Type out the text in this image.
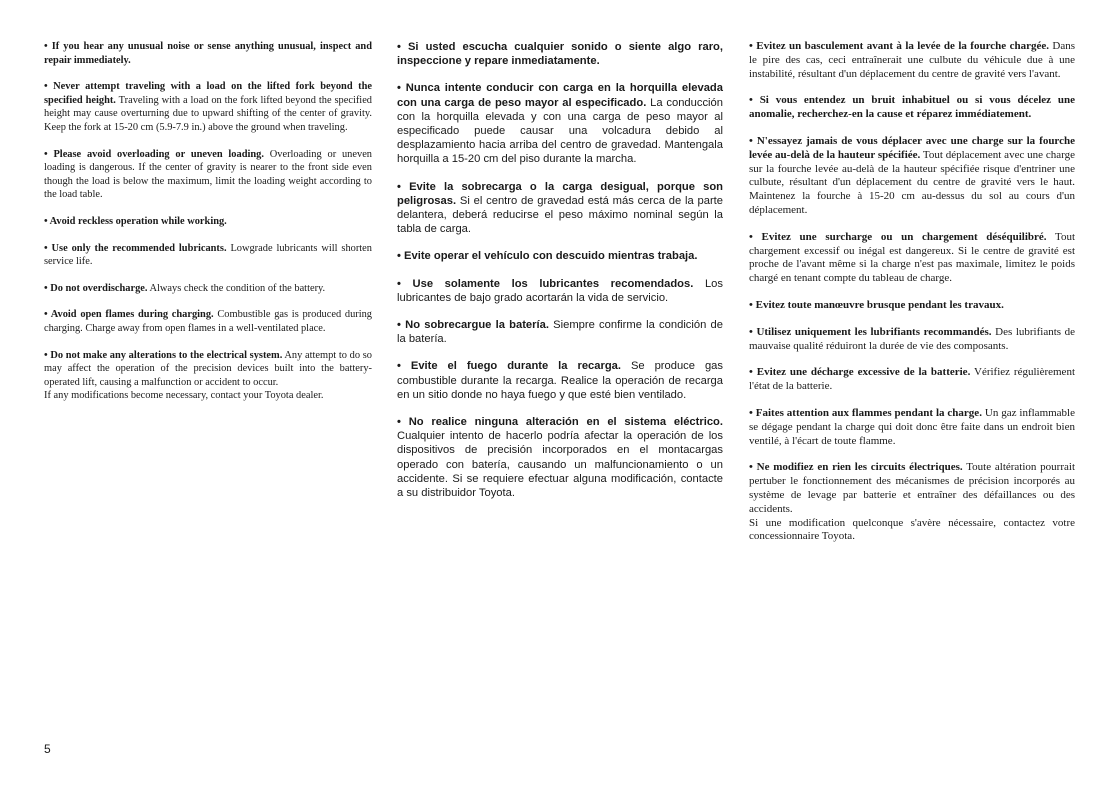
• If you hear any unusual noise or sense anything unusual, inspect and repair immediately.

• Never attempt traveling with a load on the lifted fork beyond the specified height. Traveling with a load on the fork lifted beyond the specified height may cause overturning due to upward shifting of the center of gravity. Keep the fork at 15-20 cm (5.9-7.9 in.) above the ground when traveling.

• Please avoid overloading or uneven loading. Overloading or uneven loading is dangerous. If the center of gravity is nearer to the front side even though the load is below the maximum, limit the loading weight according to the load table.

• Avoid reckless operation while working.

• Use only the recommended lubricants. Lowgrade lubricants will shorten service life.

• Do not overdischarge. Always check the condition of the battery.

• Avoid open flames during charging. Combustible gas is produced during charging. Charge away from open flames in a well-ventilated place.

• Do not make any alterations to the electrical system. Any attempt to do so may affect the operation of the precision devices built into the battery-operated lift, causing a malfunction or accident to occur.
If any modifications become necessary, contact your Toyota dealer.

• Si usted escucha cualquier sonido o siente algo raro, inspeccione y repare inmediatamente.

• Nunca intente conducir con carga en la horquilla elevada con una carga de peso mayor al especificado. La conducción con la horquilla elevada y con una carga de peso mayor al especificado puede causar una volcadura debido al desplazamiento hacia arriba del centro de gravedad. Mantengala horquilla a 15-20 cm del piso durante la marcha.

• Evite la sobrecarga o la carga desigual, porque son peligrosas. Si el centro de gravedad está más cerca de la parte delantera, deberá reducirse el peso máximo nominal según la tabla de carga.

• Evite operar el vehículo con descuido mientras trabaja.

• Use solamente los lubricantes recomendados. Los lubricantes de bajo grado acortarán la vida de servicio.

• No sobrecargue la batería. Siempre confirme la condición de la batería.

• Evite el fuego durante la recarga. Se produce gas combustible durante la recarga. Realice la operación de recarga en un sitio donde no haya fuego y que esté bien ventilado.

• No realice ninguna alteración en el sistema eléctrico. Cualquier intento de hacerlo podría afectar la operación de los dispositivos de precisión incorporados en el montacargas operado con batería, causando un malfuncionamiento o un accidente. Si se requiere efectuar alguna modificación, contacte a su distribuidor Toyota.

• Evitez un basculement avant à la levée de la fourche chargée. Dans le pire des cas, ceci entraînerait une culbute du véhicule due à une instabilité, résultant d'un déplacement du centre de gravité vers l'avant.

• Si vous entendez un bruit inhabituel ou si vous décelez une anomalie, recherchez-en la cause et réparez immédiatement.

• N'essayez jamais de vous déplacer avec une charge sur la fourche levée au-delà de la hauteur spécifiée. Tout déplacement avec une charge sur la fourche levée au-delà de la hauteur spécifiée risque d'entriner une culbute, résultant d'un déplacement du centre de gravité vers le haut. Maintenez la fourche à 15-20 cm au-dessus du sol au cours d'un déplacement.

• Evitez une surcharge ou un chargement déséquilibré. Tout chargement excessif ou inégal est dangereux. Si le centre de gravité est proche de l'avant même si la charge n'est pas maximale, limitez le poids chargé en tenant compte du tableau de charge.

• Evitez toute manœuvre brusque pendant les travaux.

• Utilisez uniquement les lubrifiants recommandés. Des lubrifiants de mauvaise qualité réduiront la durée de vie des composants.

• Evitez une décharge excessive de la batterie. Vérifiez régulièrement l'état de la batterie.

• Faites attention aux flammes pendant la charge. Un gaz inflammable se dégage pendant la charge qui doit donc être faite dans un endroit bien ventilé, à l'écart de toute flamme.

• Ne modifiez en rien les circuits électriques. Toute altération pourrait pertuber le fonctionnement des mécanismes de précision incorporés au système de levage par batterie et entraîner des défaillances ou des accidents.
Si une modification quelconque s'avère nécessaire, contactez votre concessionnaire Toyota.

5
